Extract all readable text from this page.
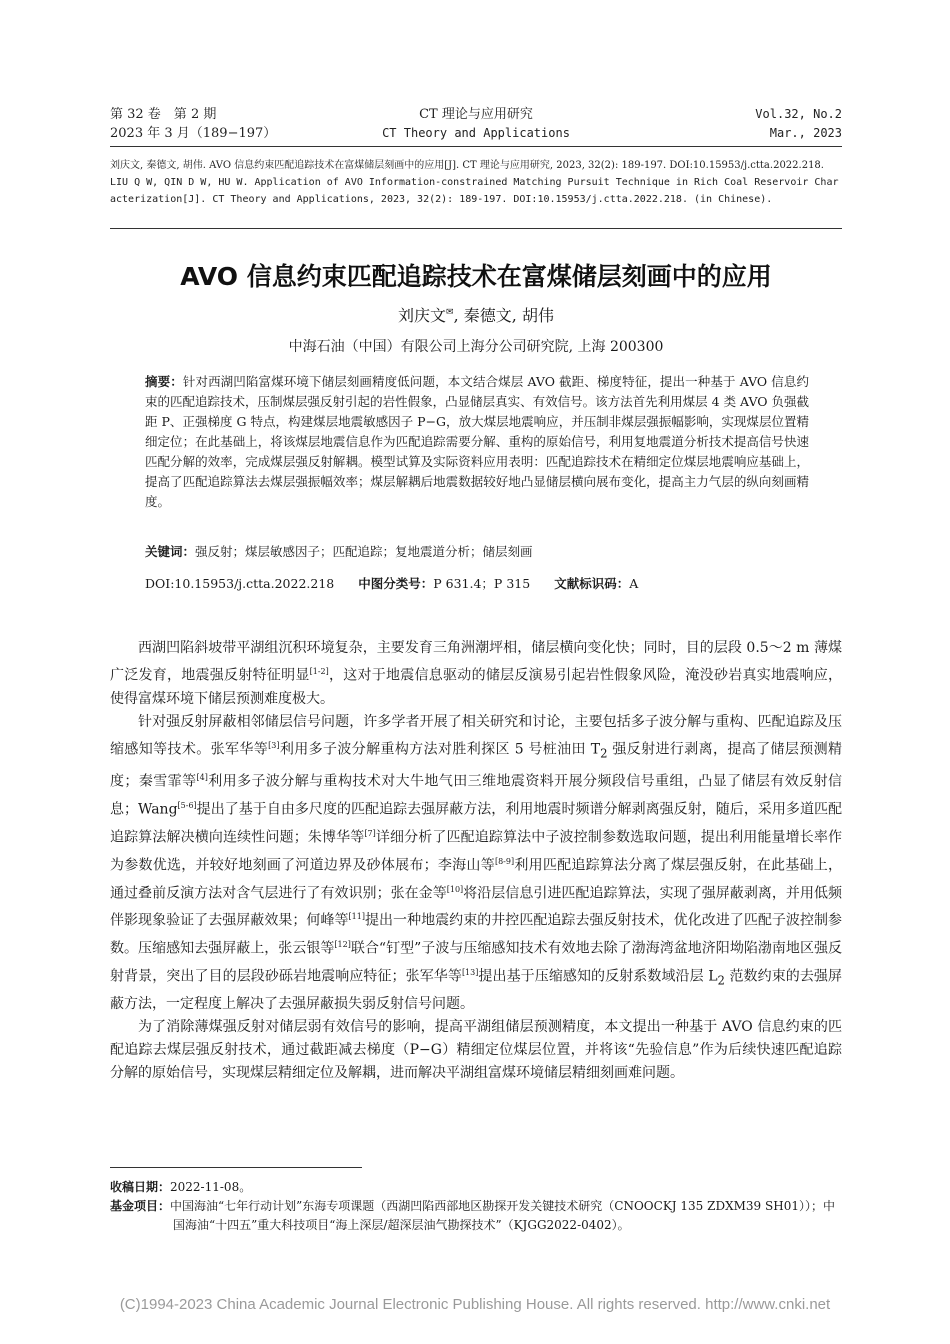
第 32 卷　第 2 期
2023 年 3 月（189−197）
CT 理论与应用研究
CT Theory and Applications
Vol.32, No.2
Mar., 2023

刘庆文, 秦德文, 胡伟. AVO 信息约束匹配追踪技术在富煤储层刻画中的应用[J]. CT 理论与应用研究, 2023, 32(2): 189-197. DOI:10.15953/j.ctta.2022.218.

LIU Q W, QIN D W, HU W. Application of AVO Information-constrained Matching Pursuit Technique in Rich Coal Reservoir Characterization[J]. CT Theory and Applications, 2023, 32(2): 189-197. DOI:10.15953/j.ctta.2022.218. (in Chinese).

AVO 信息约束匹配追踪技术在富煤储层刻画中的应用
刘庆文✉, 秦德文, 胡伟
中海石油（中国）有限公司上海分公司研究院, 上海 200300
摘要：针对西湖凹陷富煤环境下储层刻画精度低问题，本文结合煤层 AVO 截距、梯度特征，提出一种基于 AVO 信息约束的匹配追踪技术，压制煤层强反射引起的岩性假象，凸显储层真实、有效信号。该方法首先利用煤层 4 类 AVO 负强截距 P、正强梯度 G 特点，构建煤层地震敏感因子 P−G，放大煤层地震响应，并压制非煤层强振幅影响，实现煤层位置精细定位；在此基础上，将该煤层地震信息作为匹配追踪需要分解、重构的原始信号，利用复地震道分析技术提高信号快速匹配分解的效率，完成煤层强反射解耦。模型试算及实际资料应用表明：匹配追踪技术在精细定位煤层地震响应基础上，提高了匹配追踪算法去煤层强振幅效率；煤层解耦后地震数据较好地凸显储层横向展布变化，提高主力气层的纵向刻画精度。
关键词：强反射；煤层敏感因子；匹配追踪；复地震道分析；储层刻画
DOI:10.15953/j.ctta.2022.218 中图分类号：P 631.4；P 315 文献标识码：A

西湖凹陷斜坡带平湖组沉积环境复杂，主要发育三角洲潮坪相，储层横向变化快；同时，目的层段 0.5～2 m 薄煤广泛发育，地震强反射特征明显[1-2]，这对于地震信息驱动的储层反演易引起岩性假象风险，淹没砂岩真实地震响应，使得富煤环境下储层预测难度极大。

针对强反射屏蔽相邻储层信号问题，许多学者开展了相关研究和讨论，主要包括多子波分解与重构、匹配追踪及压缩感知等技术。张军华等[3]利用多子波分解重构方法对胜利探区 5 号桩油田 $T_2$ 强反射进行剥离，提高了储层预测精度；秦雪霏等[4]利用多子波分解与重构技术对大牛地气田三维地震资料开展分频段信号重组，凸显了储层有效反射信息；Wang[5-6]提出了基于自由多尺度的匹配追踪去强屏蔽方法，利用地震时频谱分解剥离强反射，随后，采用多道匹配追踪算法解决横向连续性问题；朱博华等[7]详细分析了匹配追踪算法中子波控制参数选取问题，提出利用能量增长率作为参数优选，并较好地刻画了河道边界及砂体展布；李海山等[8-9]利用匹配追踪算法分离了煤层强反射，在此基础上，通过叠前反演方法对含气层进行了有效识别；张在金等[10]将沿层信息引进匹配追踪算法，实现了强屏蔽剥离，并用低频伴影现象验证了去强屏蔽效果；何峰等[11]提出一种地震约束的井控匹配追踪去强反射技术，优化改进了匹配子波控制参数。压缩感知去强屏蔽上，张云银等[12]联合“钉型”子波与压缩感知技术有效地去除了渤海湾盆地济阳坳陷渤南地区强反射背景，突出了目的层段砂砾岩地震响应特征；张军华等[13]提出基于压缩感知的反射系数域沿层 $L_2$ 范数约束的去强屏蔽方法，一定程度上解决了去强屏蔽损失弱反射信号问题。

为了消除薄煤强反射对储层弱有效信号的影响，提高平湖组储层预测精度，本文提出一种基于 AVO 信息约束的匹配追踪去煤层强反射技术，通过截距减去梯度（P−G）精细定位煤层位置，并将该“先验信息”作为后续快速匹配追踪分解的原始信号，实现煤层精细定位及解耦，进而解决平湖组富煤环境储层精细刻画难问题。

收稿日期：2022-11-08。

基金项目：中国海油“七年行动计划”东海专项课题（西湖凹陷西部地区勘探开发关键技术研究（CNOOCKJ 135 ZDXM39 SH01））；中国海油“十四五”重大科技项目“海上深层/超深层油气勘探技术”（KJGG2022-0402）。

(C)1994-2023 China Academic Journal Electronic Publishing House. All rights reserved. http://www.cnki.net
